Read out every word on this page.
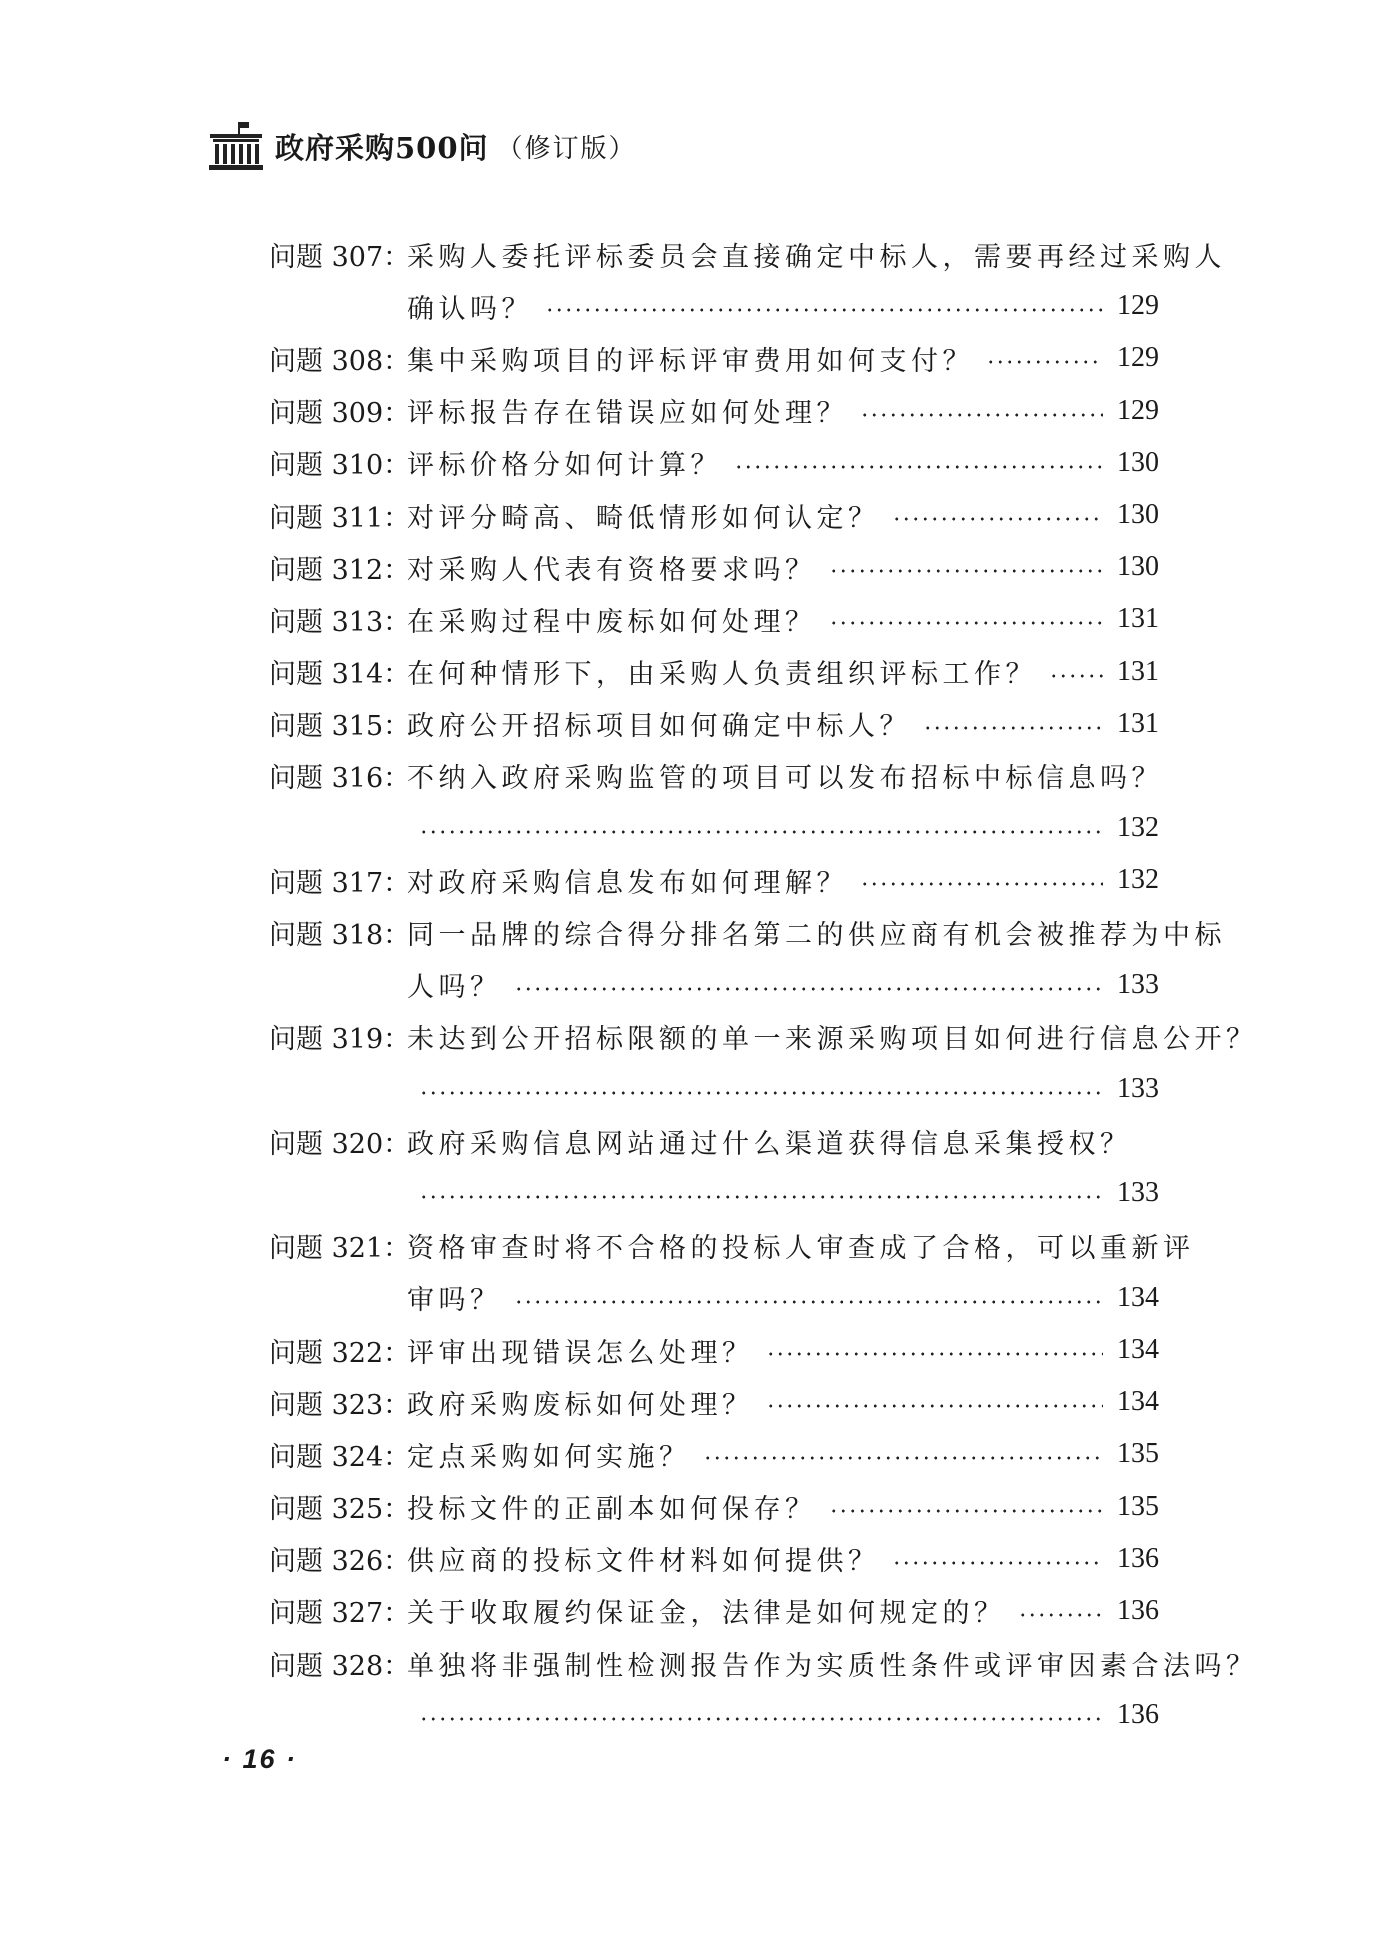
政府采购500问 （修订版）
问题 307：
采购人委托评标委员会直接确定中标人，需要再经过采购人
确认吗？	129
问题 308：
集中采购项目的评标评审费用如何支付？	129
问题 309：
评标报告存在错误应如何处理？	129
问题 310：
评标价格分如何计算？	130
问题 311：
对评分畸高、畸低情形如何认定？	130
问题 312：
对采购人代表有资格要求吗？	130
问题 313：
在采购过程中废标如何处理？	131
问题 314：
在何种情形下，由采购人负责组织评标工作？	131
问题 315：
政府公开招标项目如何确定中标人？	131
问题 316：
不纳入政府采购监管的项目可以发布招标中标信息吗？
132
问题 317：
对政府采购信息发布如何理解？	132
问题 318：
同一品牌的综合得分排名第二的供应商有机会被推荐为中标
人吗？	133
问题 319：
未达到公开招标限额的单一来源采购项目如何进行信息公开？
133
问题 320：
政府采购信息网站通过什么渠道获得信息采集授权？
133
问题 321：
资格审查时将不合格的投标人审查成了合格，可以重新评
审吗？	134
问题 322：
评审出现错误怎么处理？	134
问题 323：
政府采购废标如何处理？	134
问题 324：
定点采购如何实施？	135
问题 325：
投标文件的正副本如何保存？	135
问题 326：
供应商的投标文件材料如何提供？	136
问题 327：
关于收取履约保证金，法律是如何规定的？	136
问题 328：
单独将非强制性检测报告作为实质性条件或评审因素合法吗？
136
· 16 ·
